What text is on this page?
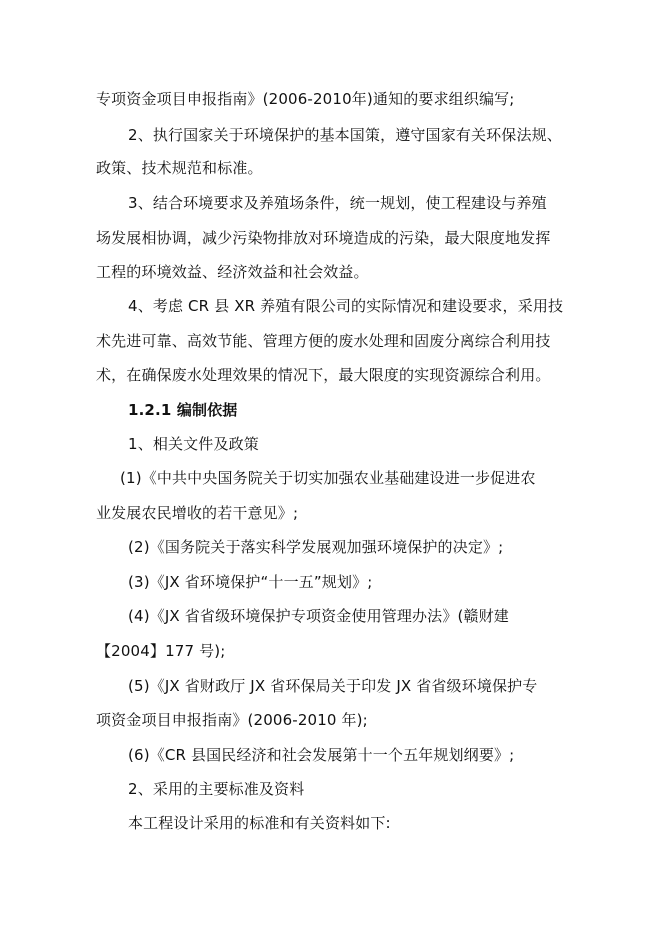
专项资金项目申报指南》(2006-2010年)通知的要求组织编写;
2、执行国家关于环境保护的基本国策，遵守国家有关环保法规、
政策、技术规范和标准。
3、结合环境要求及养殖场条件，统一规划，使工程建设与养殖
场发展相协调，减少污染物排放对环境造成的污染，最大限度地发挥
工程的环境效益、经济效益和社会效益。
4、考虑 CR 县 XR 养殖有限公司的实际情况和建设要求，采用技
术先进可靠、高效节能、管理方便的废水处理和固废分离综合利用技
术，在确保废水处理效果的情况下，最大限度的实现资源综合利用。
1.2.1 编制依据
1、相关文件及政策
(1)《中共中央国务院关于切实加强农业基础建设进一步促进农
业发展农民增收的若干意见》;
(2)《国务院关于落实科学发展观加强环境保护的决定》;
(3)《JX 省环境保护“十一五”规划》;
(4)《JX 省省级环境保护专项资金使用管理办法》(赣财建
【2004】177 号);
(5)《JX 省财政厅 JX 省环保局关于印发 JX 省省级环境保护专
项资金项目申报指南》(2006-2010 年);
(6)《CR 县国民经济和社会发展第十一个五年规划纲要》;
2、采用的主要标准及资料
本工程设计采用的标准和有关资料如下:
